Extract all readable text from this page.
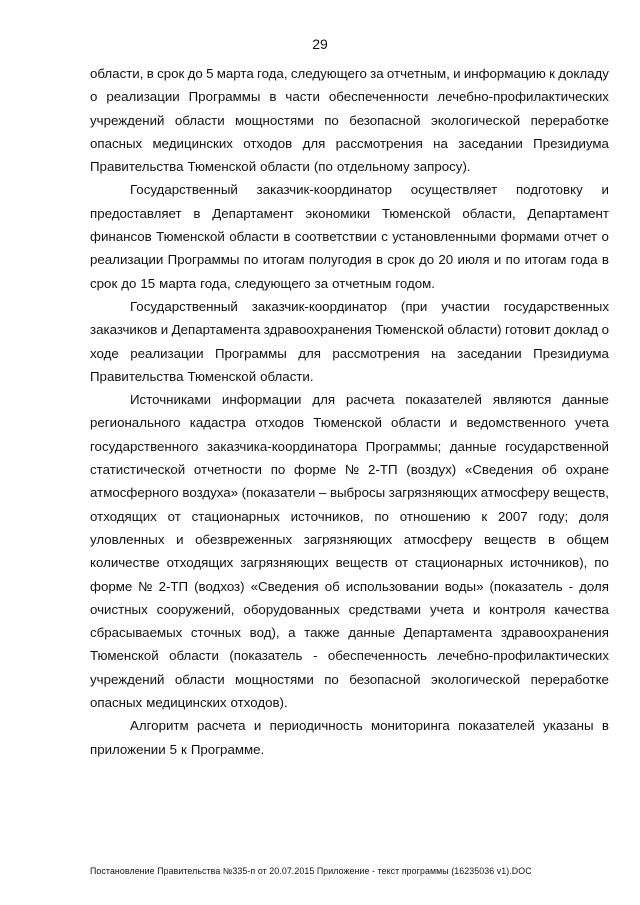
29
области, в срок до 5 марта года, следующего за отчетным, и информацию к докладу
о реализации Программы в части обеспеченности лечебно-профилактических
учреждений области мощностями по безопасной экологической переработке
опасных медицинских отходов для рассмотрения на заседании Президиума
Правительства Тюменской области (по отдельному запросу).
Государственный заказчик-координатор осуществляет подготовку и
предоставляет в Департамент экономики Тюменской области, Департамент
финансов Тюменской области в соответствии с установленными формами отчет о
реализации Программы по итогам полугодия в срок до 20 июля и по итогам года в
срок до 15 марта года, следующего за отчетным годом.
Государственный заказчик-координатор (при участии государственных
заказчиков и Департамента здравоохранения Тюменской области) готовит доклад о
ходе реализации Программы для рассмотрения на заседании Президиума
Правительства Тюменской области.
Источниками информации для расчета показателей являются данные
регионального кадастра отходов Тюменской области и ведомственного учета
государственного заказчика-координатора Программы; данные государственной
статистической отчетности по форме № 2-ТП (воздух) «Сведения об охране
атмосферного воздуха» (показатели – выбросы загрязняющих атмосферу веществ,
отходящих от стационарных источников, по отношению к 2007 году; доля
уловленных и обезвреженных загрязняющих атмосферу веществ в общем
количестве отходящих загрязняющих веществ от стационарных источников), по
форме № 2-ТП (водхоз) «Сведения об использовании воды» (показатель - доля
очистных сооружений, оборудованных средствами учета и контроля качества
сбрасываемых сточных вод), а также данные Департамента здравоохранения
Тюменской области (показатель - обеспеченность лечебно-профилактических
учреждений области мощностями по безопасной экологической переработке
опасных медицинских отходов).
Алгоритм расчета и периодичность мониторинга показателей указаны в
приложении 5 к Программе.
Постановление Правительства №335-п от 20.07.2015 Приложение - текст программы (16235036 v1).DOC
